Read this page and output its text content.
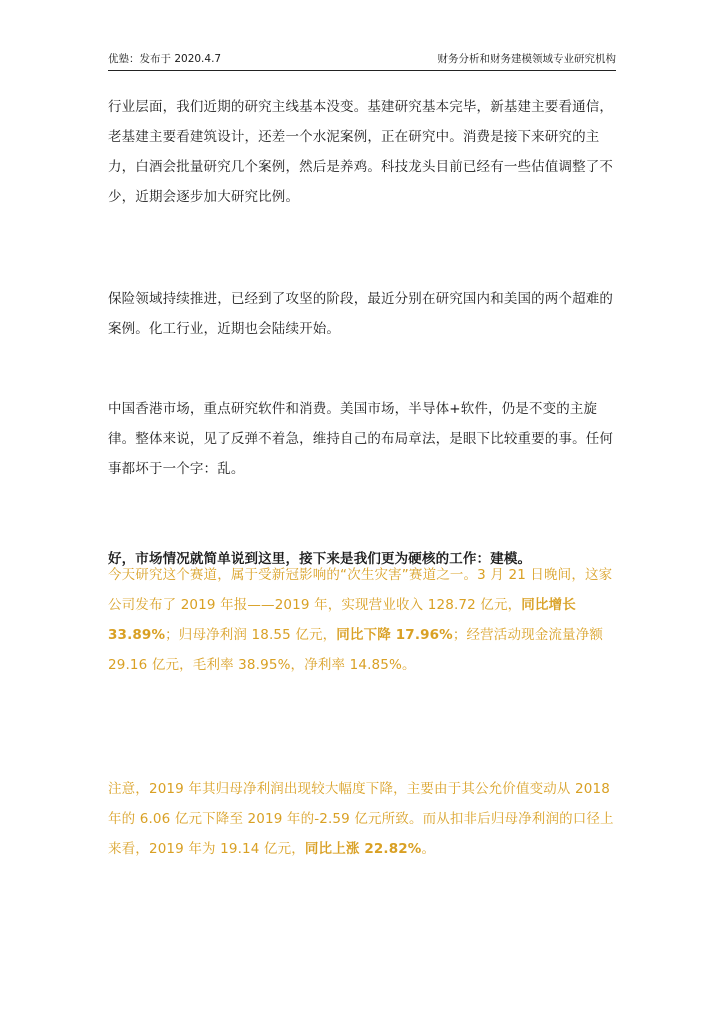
优塾：发布于 2020.4.7	财务分析和财务建模领域专业研究机构

行业层面，我们近期的研究主线基本没变。基建研究基本完毕，新基建主要看通信，老基建主要看建筑设计，还差一个水泥案例，正在研究中。消费是接下来研究的主力，白酒会批量研究几个案例，然后是养鸡。科技龙头目前已经有一些估值调整了不少，近期会逐步加大研究比例。

保险领域持续推进，已经到了攻坚的阶段，最近分别在研究国内和美国的两个超难的案例。化工行业，近期也会陆续开始。

中国香港市场，重点研究软件和消费。美国市场，半导体+软件，仍是不变的主旋律。整体来说，见了反弹不着急，维持自己的布局章法，是眼下比较重要的事。任何事都坏于一个字：乱。

好，市场情况就简单说到这里，接下来是我们更为硬核的工作：建模。

今天研究这个赛道，属于受新冠影响的“次生灾害”赛道之一。3 月 21 日晚间，这家公司发布了 2019 年报——2019 年，实现营业收入 128.72 亿元，同比增长 33.89%；归母净利润 18.55 亿元，同比下降 17.96%；经营活动现金流量净额 29.16 亿元，毛利率 38.95%，净利率 14.85%。

注意，2019 年其归母净利润出现较大幅度下降，主要由于其公允价值变动从 2018 年的 6.06 亿元下降至 2019 年的-2.59 亿元所致。而从扣非后归母净利润的口径上来看，2019 年为 19.14 亿元，同比上涨 22.82%。
